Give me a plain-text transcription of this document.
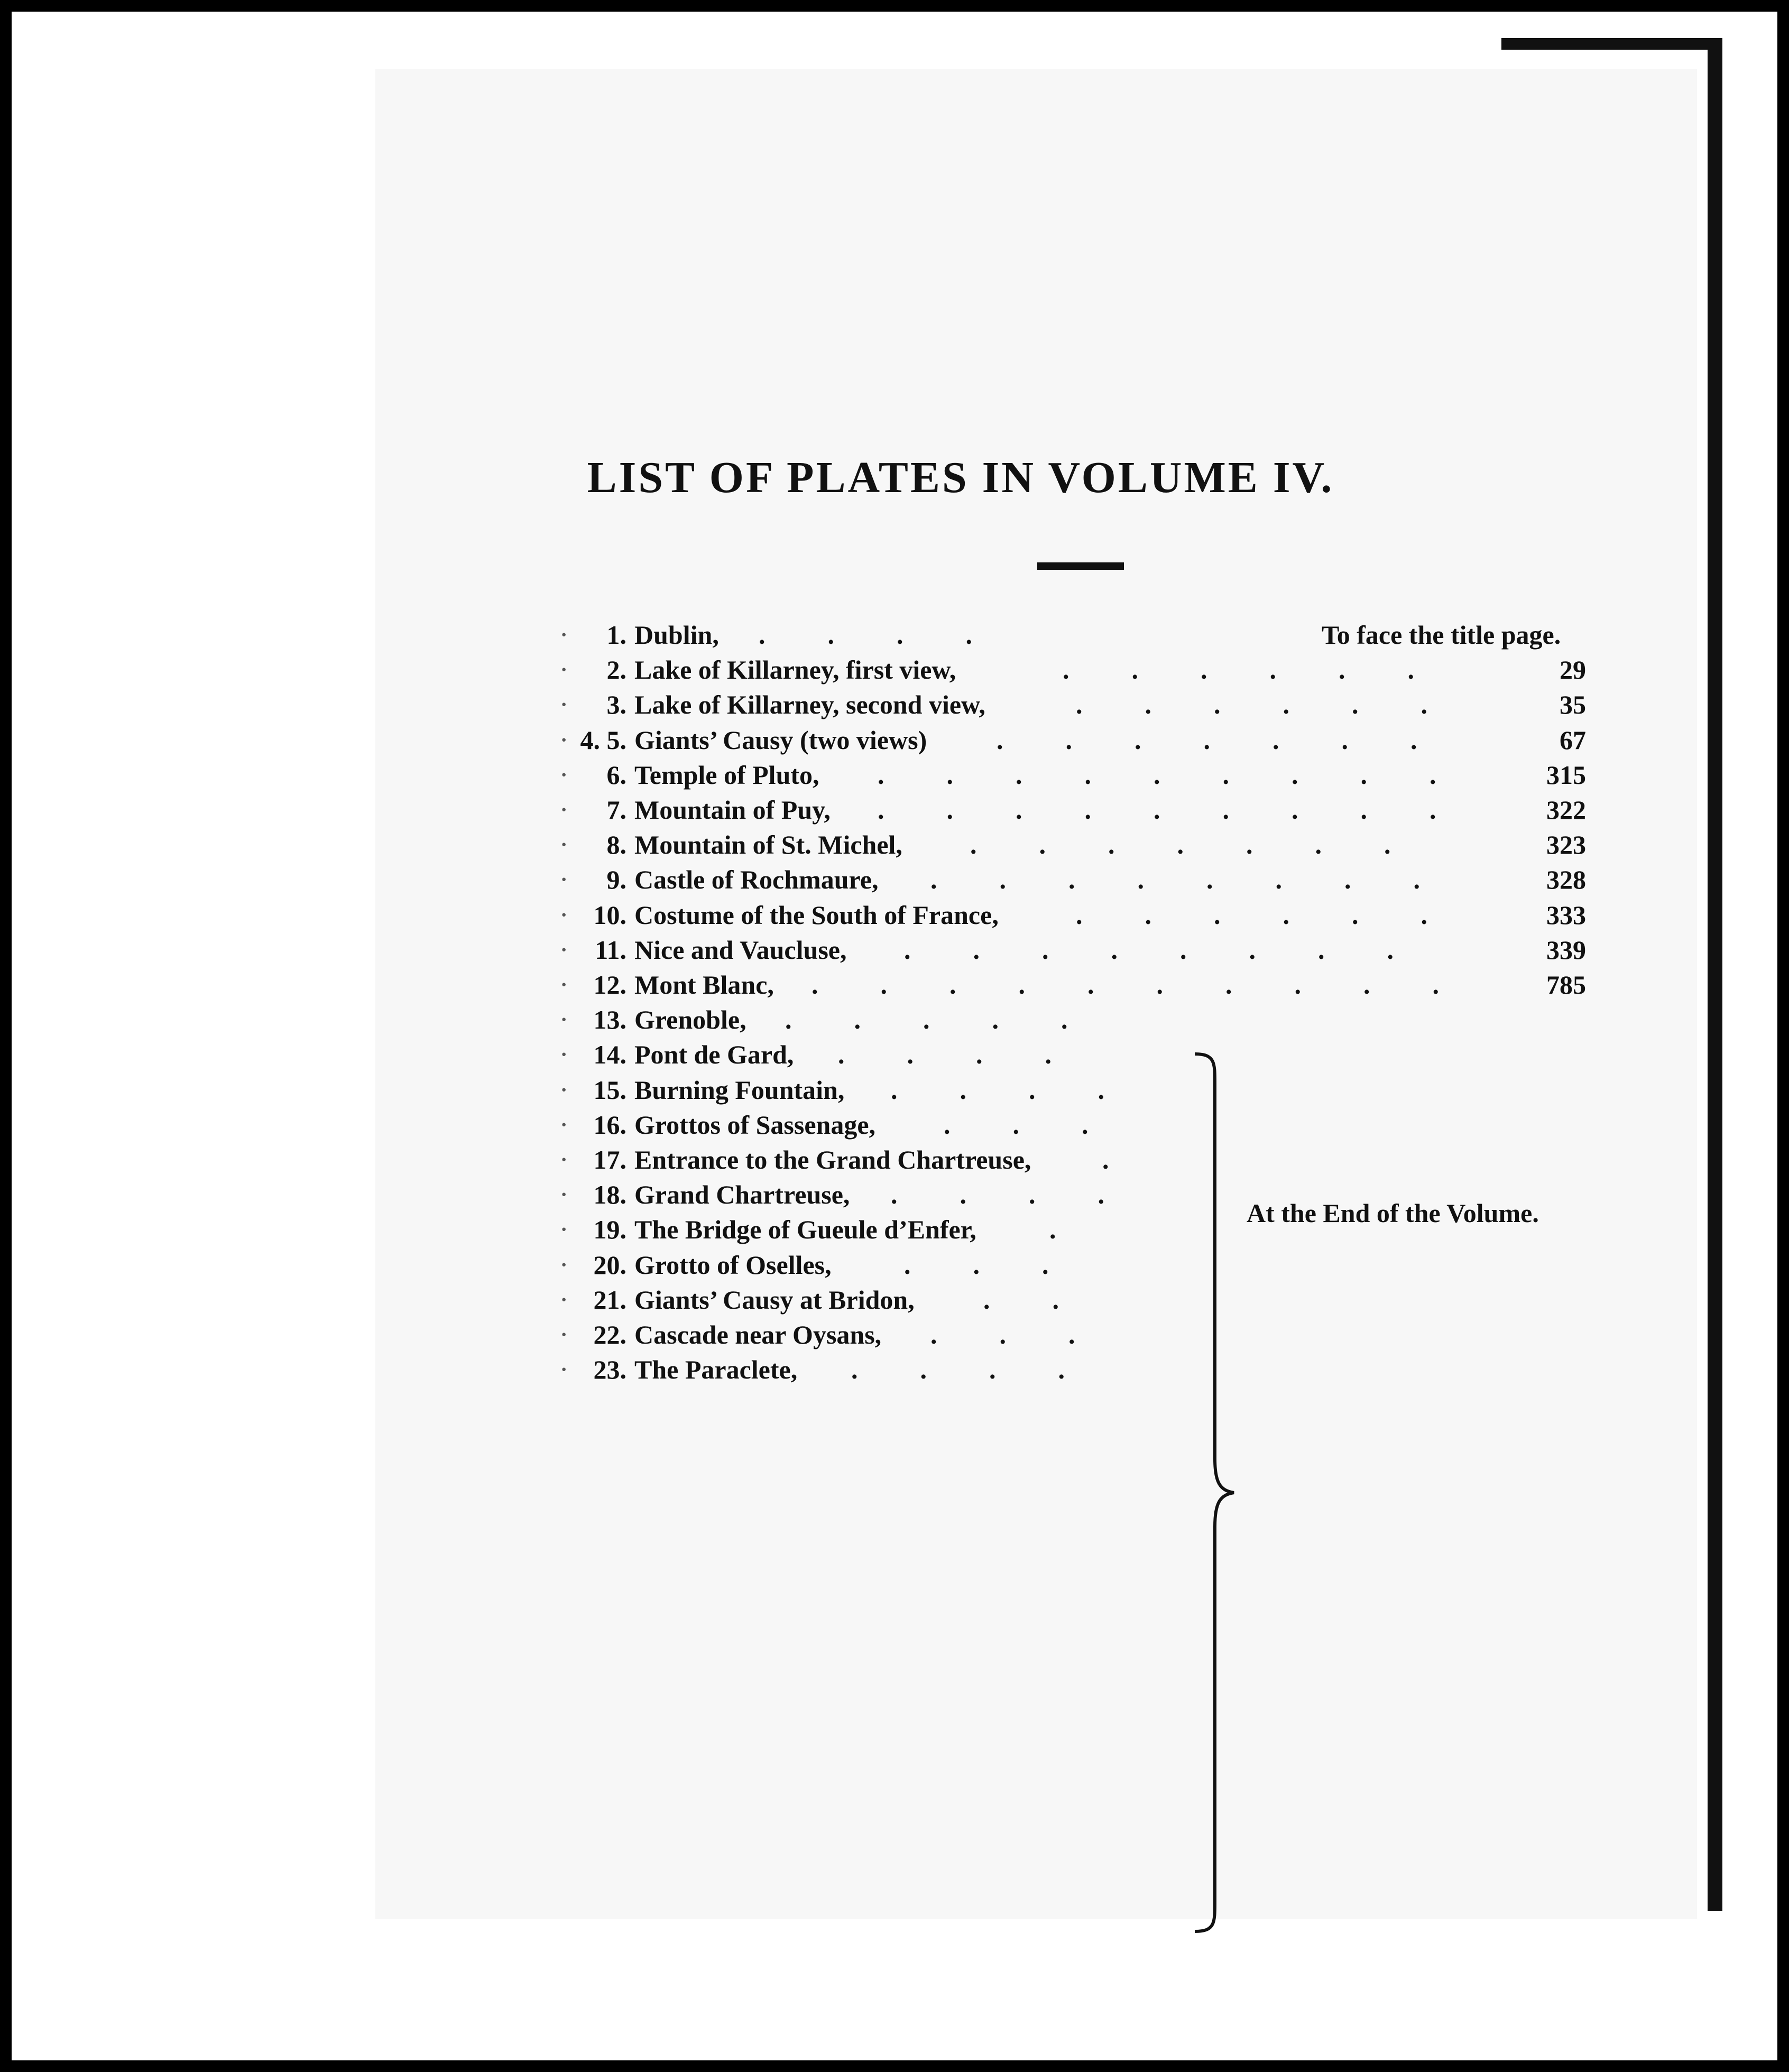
LIST OF PLATES IN VOLUME IV.
· 1. Dublin, ....	To face the title page.
· 2. Lake of Killarney, first view,	......	29
· 3. Lake of Killarney, second view,	......	35
· 4. 5. Giants’ Causy (two views)	.......	67
· 6. Temple of Pluto, .........	315
· 7. Mountain of Puy, .........	322
· 8. Mountain of St. Michel,	.......	323
· 9. Castle of Rochmaure, ........	328
· 10. Costume of the South of France,	......	333
· 11. Nice and Vaucluse, ........	339
· 12. Mont Blanc, ..........	785
· 13. Grenoble, .....
· 14. Pont de Gard, ....
· 15. Burning Fountain, ....
· 16. Grottos of Sassenage,	...
· 17. Entrance to the Grand Chartreuse,	.
· 18. Grand Chartreuse, ....
· 19. The Bridge of Gueule d’Enfer,	.
· 20. Grotto of Oselles,	...
· 21. Giants’ Causy at Bridon,	..
· 22. Cascade near Oysans, ...
· 23. The Paraclete, ....
At the End of the Volume.
